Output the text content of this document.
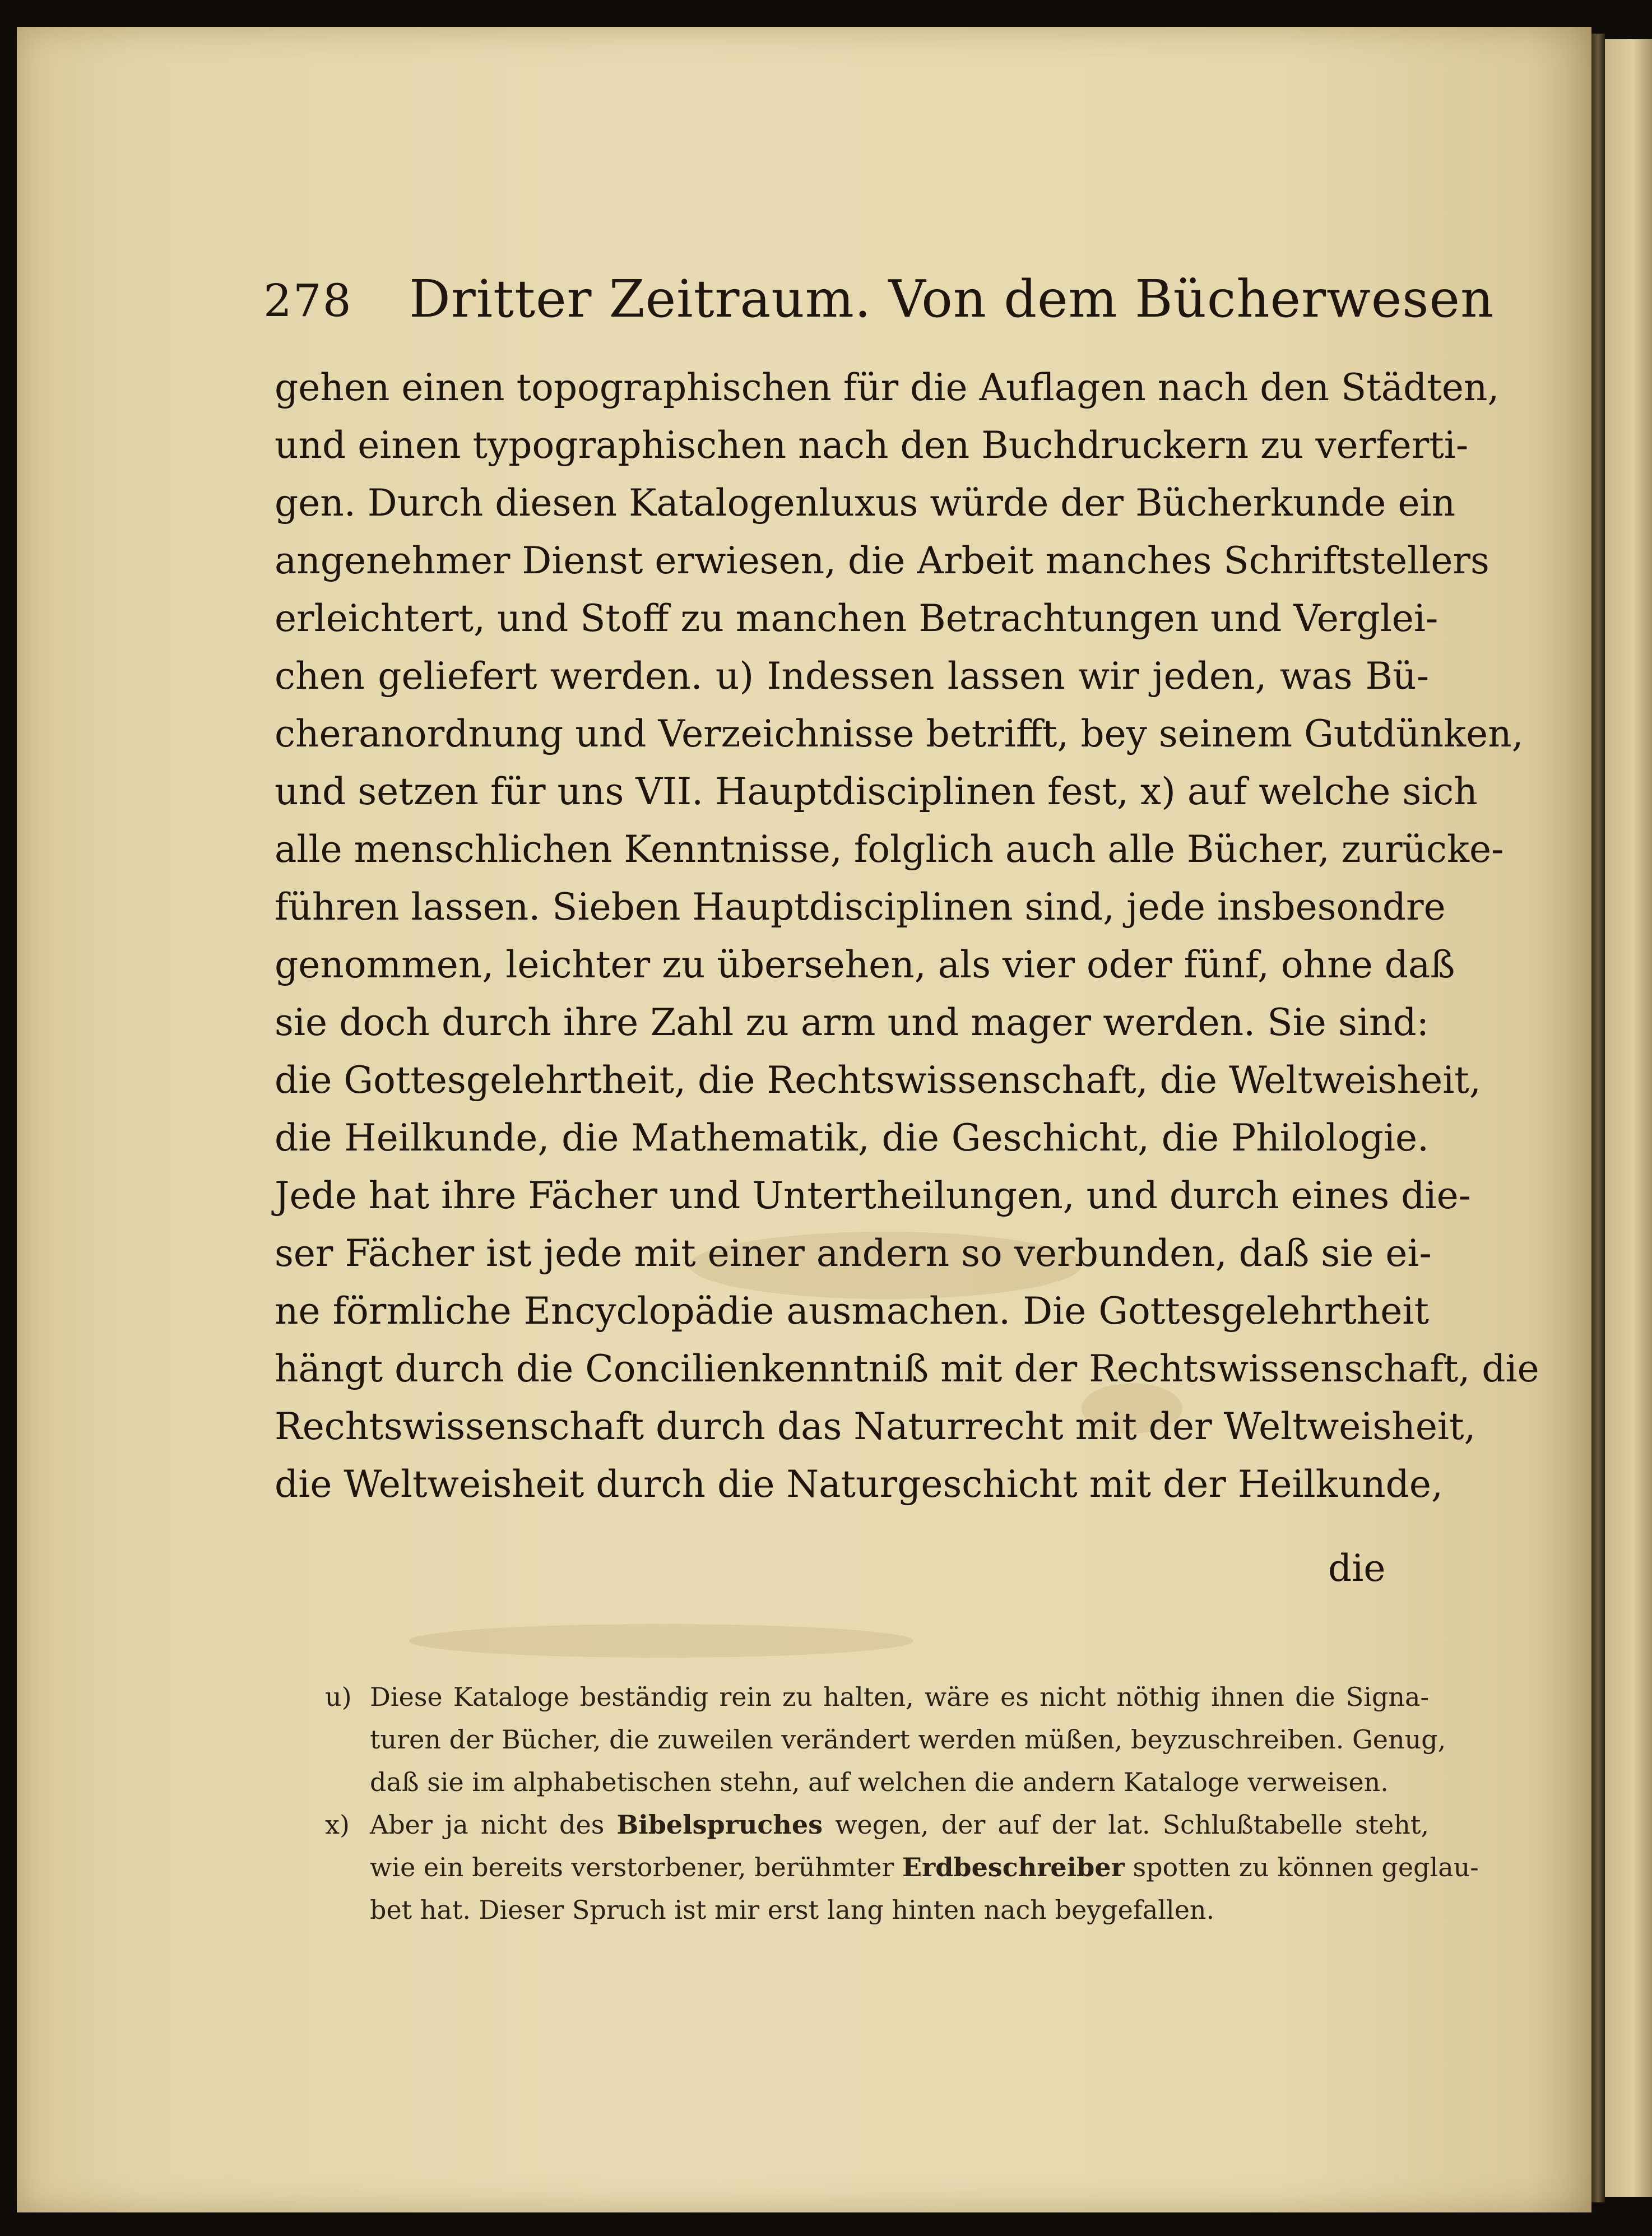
278 Dritter Zeitraum. Von dem Bücherwesen
gehen einen topographischen für die Auflagen nach den Städten,
und einen typographischen nach den Buchdruckern zu verferti-
gen. Durch diesen Katalogenluxus würde der Bücherkunde ein
angenehmer Dienst erwiesen, die Arbeit manches Schriftstellers
erleichtert, und Stoff zu manchen Betrachtungen und Verglei-
chen geliefert werden. u) Indessen lassen wir jeden, was Bü-
cheranordnung und Verzeichnisse betrifft, bey seinem Gutdünken,
und setzen für uns VII. Hauptdisciplinen fest, x) auf welche sich
alle menschlichen Kenntnisse, folglich auch alle Bücher, zurücke-
führen lassen. Sieben Hauptdisciplinen sind, jede insbesondre
genommen, leichter zu übersehen, als vier oder fünf, ohne daß
sie doch durch ihre Zahl zu arm und mager werden. Sie sind:
die Gottesgelehrtheit, die Rechtswissenschaft, die Weltweisheit,
die Heilkunde, die Mathematik, die Geschicht, die Philologie.
Jede hat ihre Fächer und Untertheilungen, und durch eines die-
ser Fächer ist jede mit einer andern so verbunden, daß sie ei-
ne förmliche Encyclopädie ausmachen. Die Gottesgelehrtheit
hängt durch die Concilienkenntniß mit der Rechtswissenschaft, die
Rechtswissenschaft durch das Naturrecht mit der Weltweisheit,
die Weltweisheit durch die Naturgeschicht mit der Heilkunde,
die
u) Diese Kataloge beständig rein zu halten, wäre es nicht nöthig ihnen die Signa-
turen der Bücher, die zuweilen verändert werden müßen, beyzuschreiben. Genug,
daß sie im alphabetischen stehn, auf welchen die andern Kataloge verweisen.
x) Aber ja nicht des Bibelspruches wegen, der auf der lat. Schlußtabelle steht,
wie ein bereits verstorbener, berühmter Erdbeschreiber spotten zu können geglau-
bet hat. Dieser Spruch ist mir erst lang hinten nach beygefallen.
